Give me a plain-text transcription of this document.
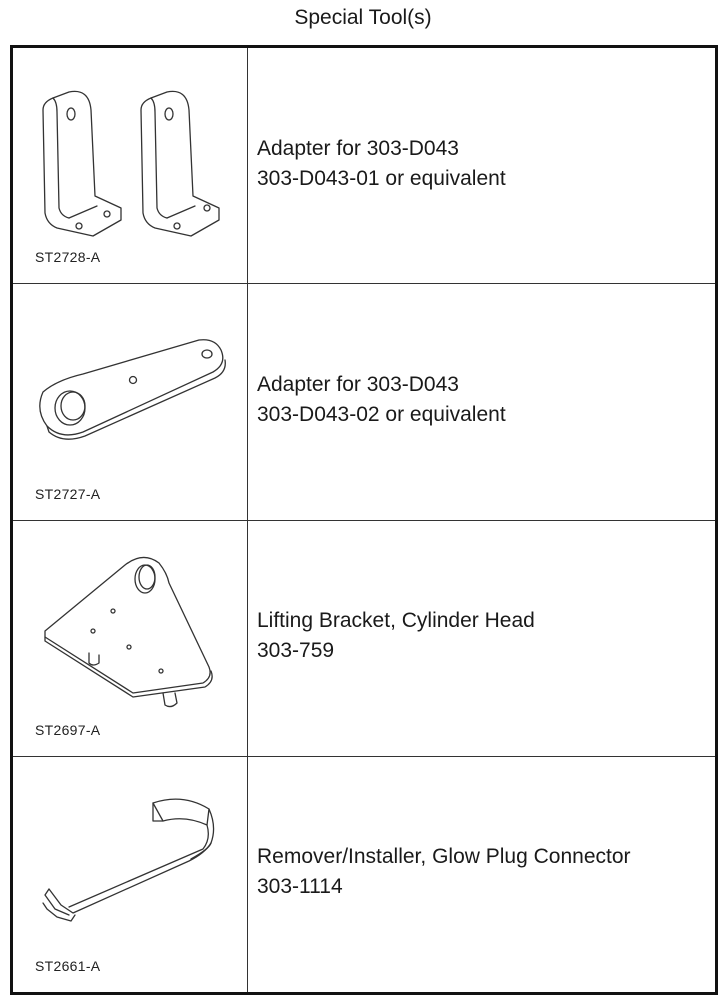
Special Tool(s)
ST2728-A
Adapter for 303-D043
303-D043-01 or equivalent
ST2727-A
Adapter for 303-D043
303-D043-02 or equivalent
ST2697-A
Lifting Bracket, Cylinder Head
303-759
ST2661-A
Remover/Installer, Glow Plug Connector
303-1114
